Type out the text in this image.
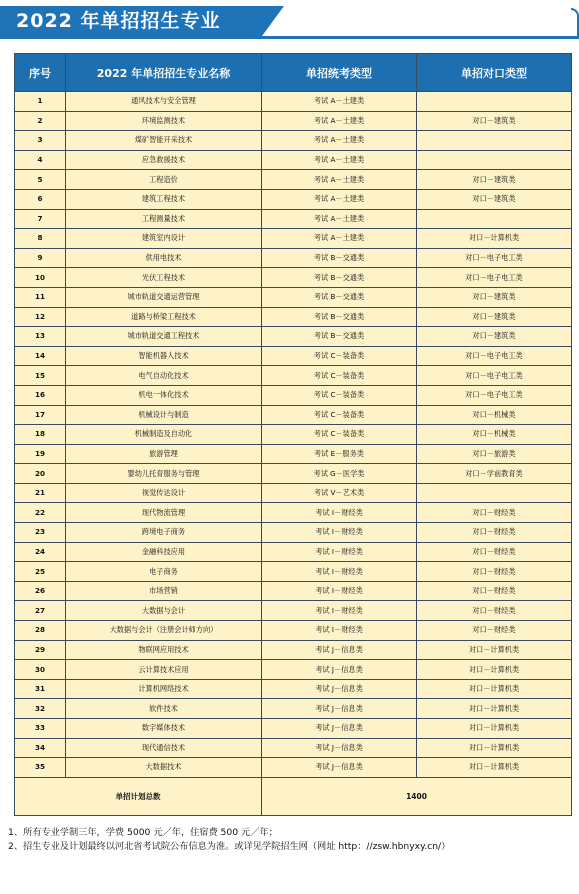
2022 年单招招生专业
序号	2022 年单招招生专业名称	单招统考类型	单招对口类型
1	通风技术与安全管理	考试 A－土建类	
2	环境监测技术	考试 A－土建类	对口－建筑类
3	煤矿智能开采技术	考试 A－土建类	
4	应急救援技术	考试 A－土建类	
5	工程造价	考试 A－土建类	对口－建筑类
6	建筑工程技术	考试 A－土建类	对口－建筑类
7	工程测量技术	考试 A－土建类	
8	建筑室内设计	考试 A－土建类	对口－计算机类
9	供用电技术	考试 B－交通类	对口－电子电工类
10	光伏工程技术	考试 B－交通类	对口－电子电工类
11	城市轨道交通运营管理	考试 B－交通类	对口－建筑类
12	道路与桥梁工程技术	考试 B－交通类	对口－建筑类
13	城市轨道交通工程技术	考试 B－交通类	对口－建筑类
14	智能机器人技术	考试 C－装备类	对口－电子电工类
15	电气自动化技术	考试 C－装备类	对口－电子电工类
16	机电一体化技术	考试 C－装备类	对口－电子电工类
17	机械设计与制造	考试 C－装备类	对口－机械类
18	机械制造及自动化	考试 C－装备类	对口－机械类
19	旅游管理	考试 E－服务类	对口－旅游类
20	婴幼儿托育服务与管理	考试 G－医学类	对口－学前教育类
21	视觉传达设计	考试 V－艺术类	
22	现代物流管理	考试 I－财经类	对口－财经类
23	跨境电子商务	考试 I－财经类	对口－财经类
24	金融科技应用	考试 I－财经类	对口－财经类
25	电子商务	考试 I－财经类	对口－财经类
26	市场营销	考试 I－财经类	对口－财经类
27	大数据与会计	考试 I－财经类	对口－财经类
28	大数据与会计（注册会计师方向）	考试 I－财经类	对口－财经类
29	物联网应用技术	考试 J－信息类	对口－计算机类
30	云计算技术应用	考试 J－信息类	对口－计算机类
31	计算机网络技术	考试 J－信息类	对口－计算机类
32	软件技术	考试 J－信息类	对口－计算机类
33	数字媒体技术	考试 J－信息类	对口－计算机类
34	现代通信技术	考试 J－信息类	对口－计算机类
35	大数据技术	考试 J－信息类	对口－计算机类
单招计划总数		1400	
1、所有专业学制三年，学费 5000 元／年，住宿费 500 元／年；
2、招生专业及计划最终以河北省考试院公布信息为准。或详见学院招生网（网址 http：//zsw.hbnyxy.cn/）
